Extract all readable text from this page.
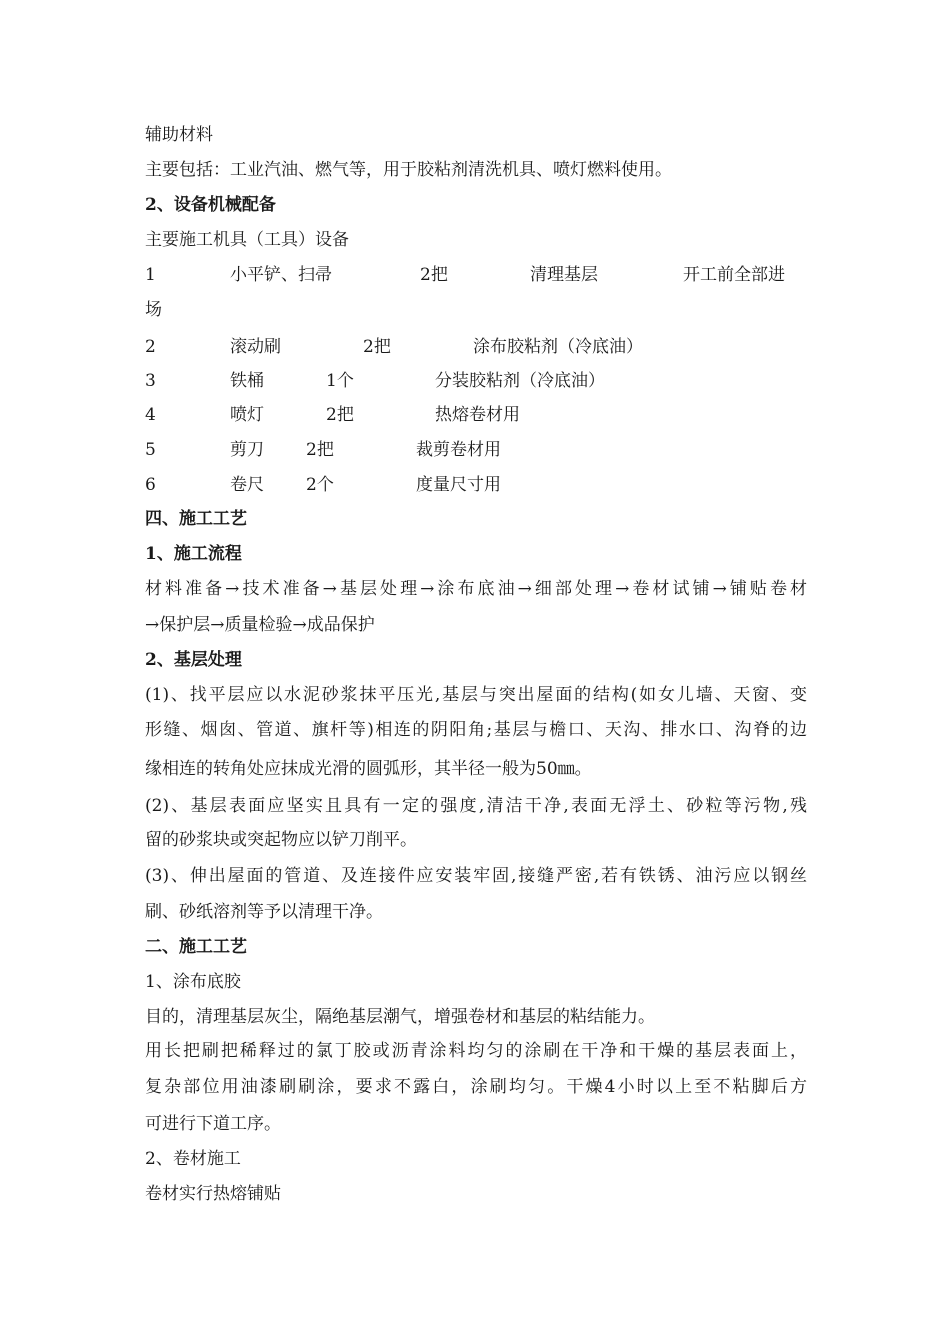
辅助材料
主要包括：工业汽油、燃气等，用于胶粘剂清洗机具、喷灯燃料使用。
2、设备机械配备
主要施工机具（工具）设备
1	小平铲、扫帚	2把	清理基层	开工前全部进
场
2	滚动刷	2把	涂布胶粘剂（冷底油）
3	铁桶	1个	分装胶粘剂（冷底油）
4	喷灯	2把	热熔卷材用
5	剪刀 2把	裁剪卷材用
6	卷尺 2个	度量尺寸用
四、施工工艺
1、施工流程
材料准备→技术准备→基层处理→涂布底油→细部处理→卷材试铺→铺贴卷材
→保护层→质量检验→成品保护
2、基层处理
(1)、找平层应以水泥砂浆抹平压光,基层与突出屋面的结构(如女儿墙、天窗、变
形缝、烟囱、管道、旗杆等)相连的阴阳角;基层与檐口、天沟、排水口、沟脊的边
缘相连的转角处应抹成光滑的圆弧形，其半径一般为50㎜。
(2)、基层表面应坚实且具有一定的强度,清洁干净,表面无浮土、砂粒等污物,残
留的砂浆块或突起物应以铲刀削平。
(3)、伸出屋面的管道、及连接件应安装牢固,接缝严密,若有铁锈、油污应以钢丝
刷、砂纸溶剂等予以清理干净。
二、施工工艺
1、涂布底胶
目的，清理基层灰尘，隔绝基层潮气，增强卷材和基层的粘结能力。
用长把刷把稀释过的氯丁胶或沥青涂料均匀的涂刷在干净和干燥的基层表面上，
复杂部位用油漆刷刷涂，要求不露白，涂刷均匀。干燥4小时以上至不粘脚后方
可进行下道工序。
2、卷材施工
卷材实行热熔铺贴
